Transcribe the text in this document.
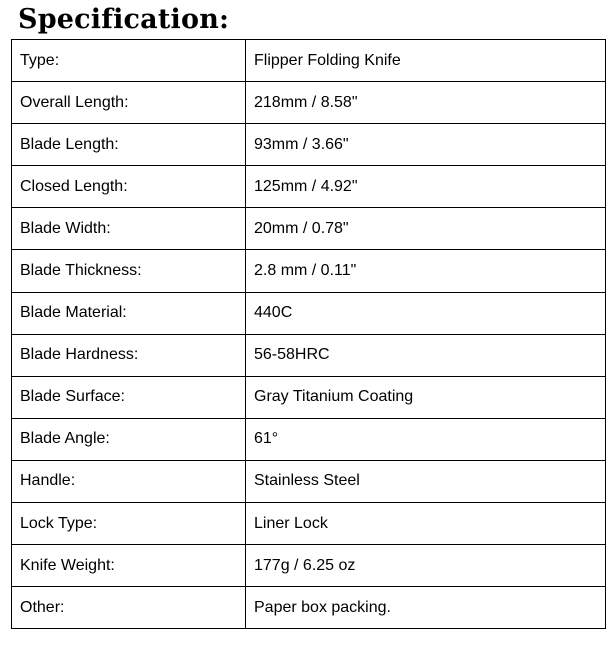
Specification:
Type:	Flipper Folding Knife
Overall Length:	218mm / 8.58"
Blade Length:	93mm / 3.66"
Closed Length:	125mm / 4.92"
Blade Width:	20mm / 0.78"
Blade Thickness:	2.8 mm / 0.11"
Blade Material:	440C
Blade Hardness:	56-58HRC
Blade Surface:	Gray Titanium Coating
Blade Angle:	61°
Handle:	Stainless Steel
Lock Type:	Liner Lock
Knife Weight:	177g / 6.25 oz
Other:	Paper box packing.
